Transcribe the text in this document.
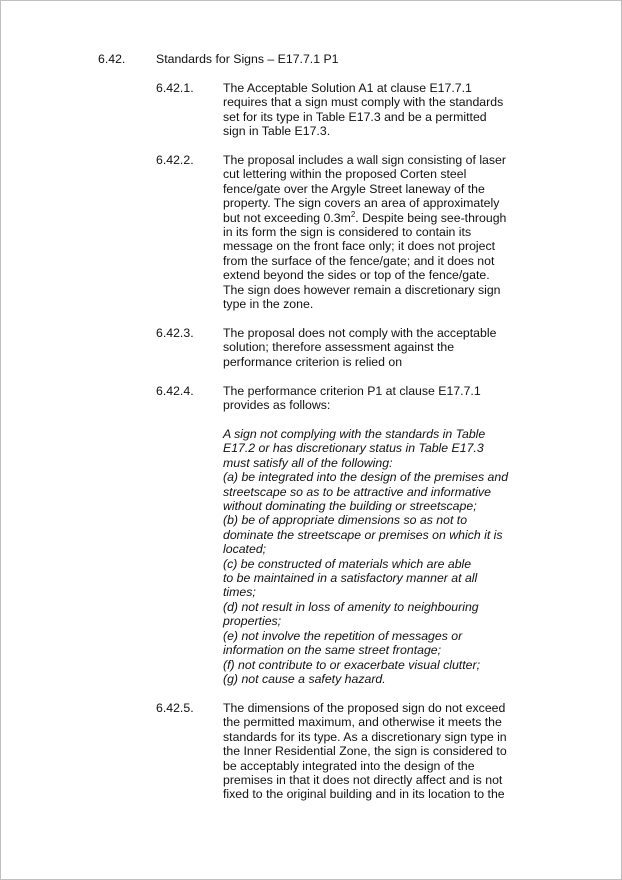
6.42. Standards for Signs – E17.7.1 P1
6.42.1. The Acceptable Solution A1 at clause E17.7.1
requires that a sign must comply with the standards
set for its type in Table E17.3 and be a permitted
sign in Table E17.3.
6.42.2. The proposal includes a wall sign consisting of laser
cut lettering within the proposed Corten steel
fence/gate over the Argyle Street laneway of the
property. The sign covers an area of approximately
but not exceeding $0.3m^2$. Despite being see-through
in its form the sign is considered to contain its
message on the front face only; it does not project
from the surface of the fence/gate; and it does not
extend beyond the sides or top of the fence/gate.
The sign does however remain a discretionary sign
type in the zone.
6.42.3. The proposal does not comply with the acceptable
solution; therefore assessment against the
performance criterion is relied on
6.42.4. The performance criterion P1 at clause E17.7.1
provides as follows:
A sign not complying with the standards in Table
E17.2 or has discretionary status in Table E17.3
must satisfy all of the following:
(a) be integrated into the design of the premises and
streetscape so as to be attractive and informative
without dominating the building or streetscape;
(b) be of appropriate dimensions so as not to
dominate the streetscape or premises on which it is
located;
(c) be constructed of materials which are able
to be maintained in a satisfactory manner at all
times;
(d) not result in loss of amenity to neighbouring
properties;
(e) not involve the repetition of messages or
information on the same street frontage;
(f) not contribute to or exacerbate visual clutter;
(g) not cause a safety hazard.
6.42.5. The dimensions of the proposed sign do not exceed
the permitted maximum, and otherwise it meets the
standards for its type. As a discretionary sign type in
the Inner Residential Zone, the sign is considered to
be acceptably integrated into the design of the
premises in that it does not directly affect and is not
fixed to the original building and in its location to the
